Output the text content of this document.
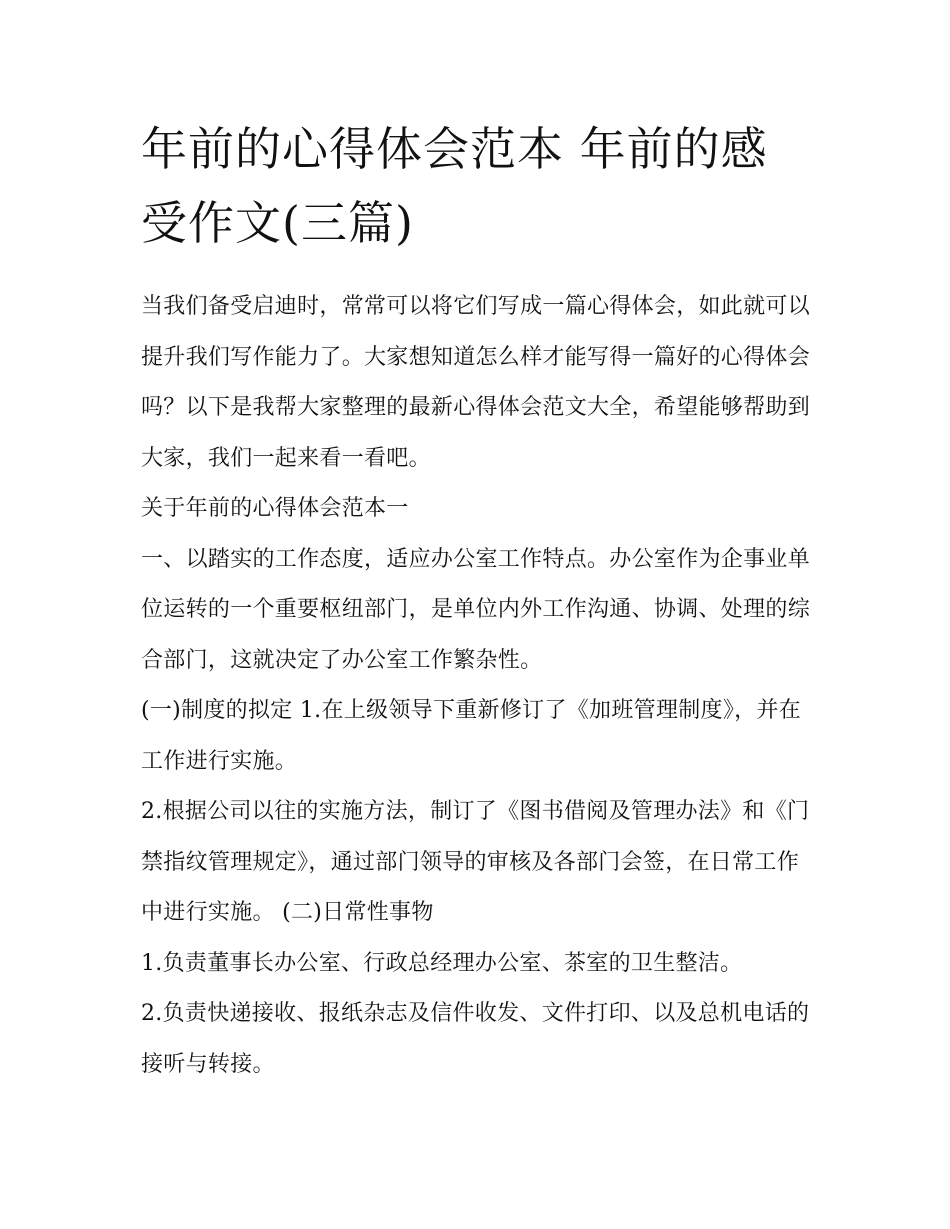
年前的心得体会范本 年前的感受作文(三篇)

当我们备受启迪时，常常可以将它们写成一篇心得体会，如此就可以提升我们写作能力了。大家想知道怎么样才能写得一篇好的心得体会吗？以下是我帮大家整理的最新心得体会范文大全，希望能够帮助到大家，我们一起来看一看吧。

关于年前的心得体会范本一

一、以踏实的工作态度，适应办公室工作特点。办公室作为企事业单位运转的一个重要枢纽部门，是单位内外工作沟通、协调、处理的综合部门，这就决定了办公室工作繁杂性。

(一)制度的拟定 1.在上级领导下重新修订了《加班管理制度》，并在工作进行实施。

2.根据公司以往的实施方法，制订了《图书借阅及管理办法》和《门禁指纹管理规定》，通过部门领导的审核及各部门会签，在日常工作中进行实施。 (二)日常性事物

1.负责董事长办公室、行政总经理办公室、茶室的卫生整洁。

2.负责快递接收、报纸杂志及信件收发、文件打印、以及总机电话的接听与转接。
